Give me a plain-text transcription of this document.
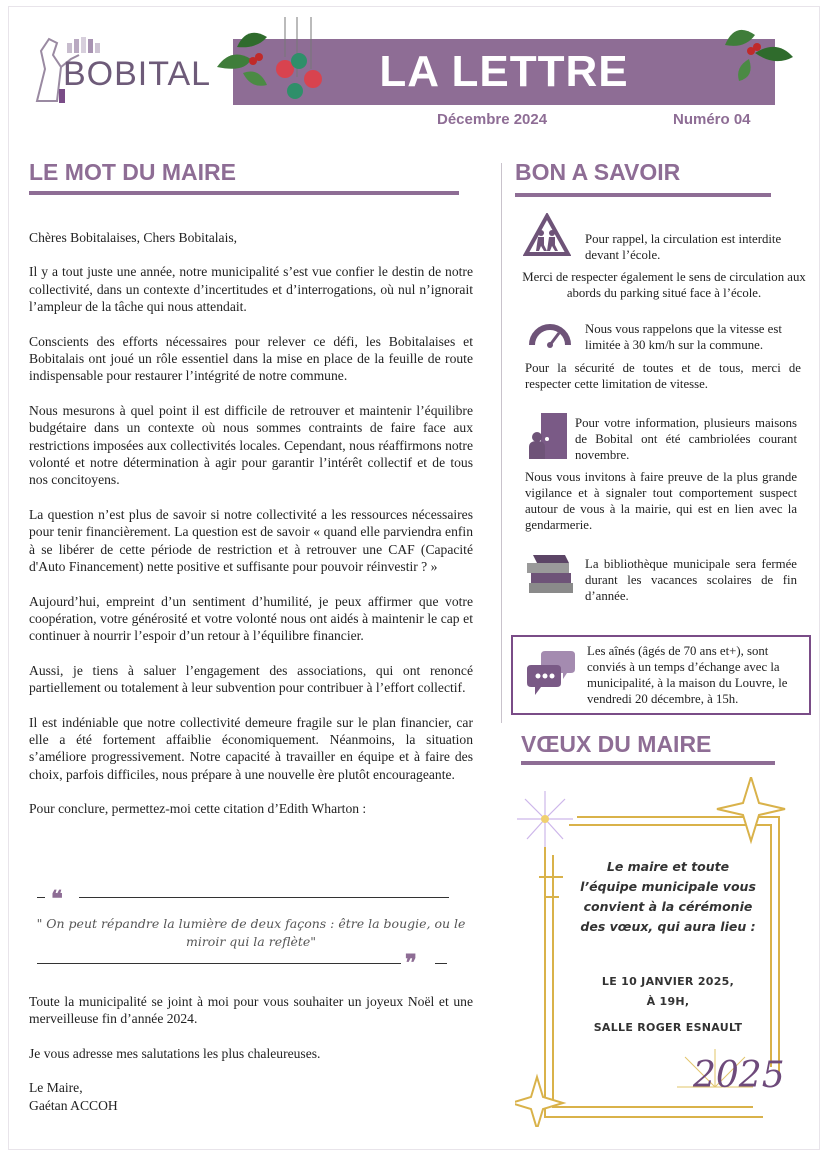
BOBITAL	LA LETTRE
Décembre 2024	Numéro 04
LE MOT DU MAIRE

Chères Bobitalaises, Chers Bobitalais,

Il y a tout juste une année, notre municipalité s’est vue confier le destin de notre collectivité, dans un contexte d’incertitudes et d’interrogations, où nul n’ignorait l’ampleur de la tâche qui nous attendait.

Conscients des efforts nécessaires pour relever ce défi, les Bobitalaises et Bobitalais ont joué un rôle essentiel dans la mise en place de la feuille de route indispensable pour restaurer l’intégrité de notre commune.

Nous mesurons à quel point il est difficile de retrouver et maintenir l’équilibre budgétaire dans un contexte où nous sommes contraints de faire face aux restrictions imposées aux collectivités locales. Cependant, nous réaffirmons notre volonté et notre détermination à agir pour garantir l’intérêt collectif et de tous nos concitoyens.

La question n’est plus de savoir si notre collectivité a les ressources nécessaires pour tenir financièrement. La question est de savoir « quand elle parviendra enfin à se libérer de cette période de restriction et à retrouver une CAF (Capacité d'Auto Financement) nette positive et suffisante pour pouvoir réinvestir ? »

Aujourd’hui, empreint d’un sentiment d’humilité, je peux affirmer que votre coopération, votre générosité et votre volonté nous ont aidés à maintenir le cap et continuer à nourrir l’espoir d’un retour à l’équilibre financier.

Aussi, je tiens à saluer l’engagement des associations, qui ont renoncé partiellement ou totalement à leur subvention pour contribuer à l’effort collectif.

Il est indéniable que notre collectivité demeure fragile sur le plan financier, car elle a été fortement affaiblie économiquement. Néanmoins, la situation s’améliore progressivement. Notre capacité à travailler en équipe et à faire des choix, parfois difficiles, nous prépare à une nouvelle ère plutôt encourageante.

Pour conclure, permettez-moi cette citation d’Edith Wharton :

❝
" On peut répandre la lumière de deux façons : être la bougie, ou le miroir qui la reflète"
❞

Toute la municipalité se joint à moi pour vous souhaiter un joyeux Noël et une merveilleuse fin d’année 2024.

Je vous adresse mes salutations les plus chaleureuses.

Le Maire,
Gaétan ACCOH
BON A SAVOIR
Pour rappel, la circulation est interdite devant l’école.
Merci de respecter également le sens de circulation aux abords du parking situé face à l’école.
Nous vous rappelons que la vitesse est limitée à 30 km/h sur la commune.
Pour la sécurité de toutes et de tous, merci de respecter cette limitation de vitesse.
Pour votre information, plusieurs maisons de Bobital ont été cambriolées courant novembre.
Nous vous invitons à faire preuve de la plus grande vigilance et à signaler tout comportement suspect autour de vous à la mairie, qui est en lien avec la gendarmerie.
La bibliothèque municipale sera fermée durant les vacances scolaires de fin d’année.
Les aînés (âgés de 70 ans et+), sont conviés à un temps d’échange avec la municipalité, à la maison du Louvre, le vendredi 20 décembre, à 15h.
VŒUX DU MAIRE
Le maire et toute l’équipe municipale vous convient à la cérémonie des vœux, qui aura lieu :
LE 10 JANVIER 2025,
À 19H,
SALLE ROGER ESNAULT
2025
